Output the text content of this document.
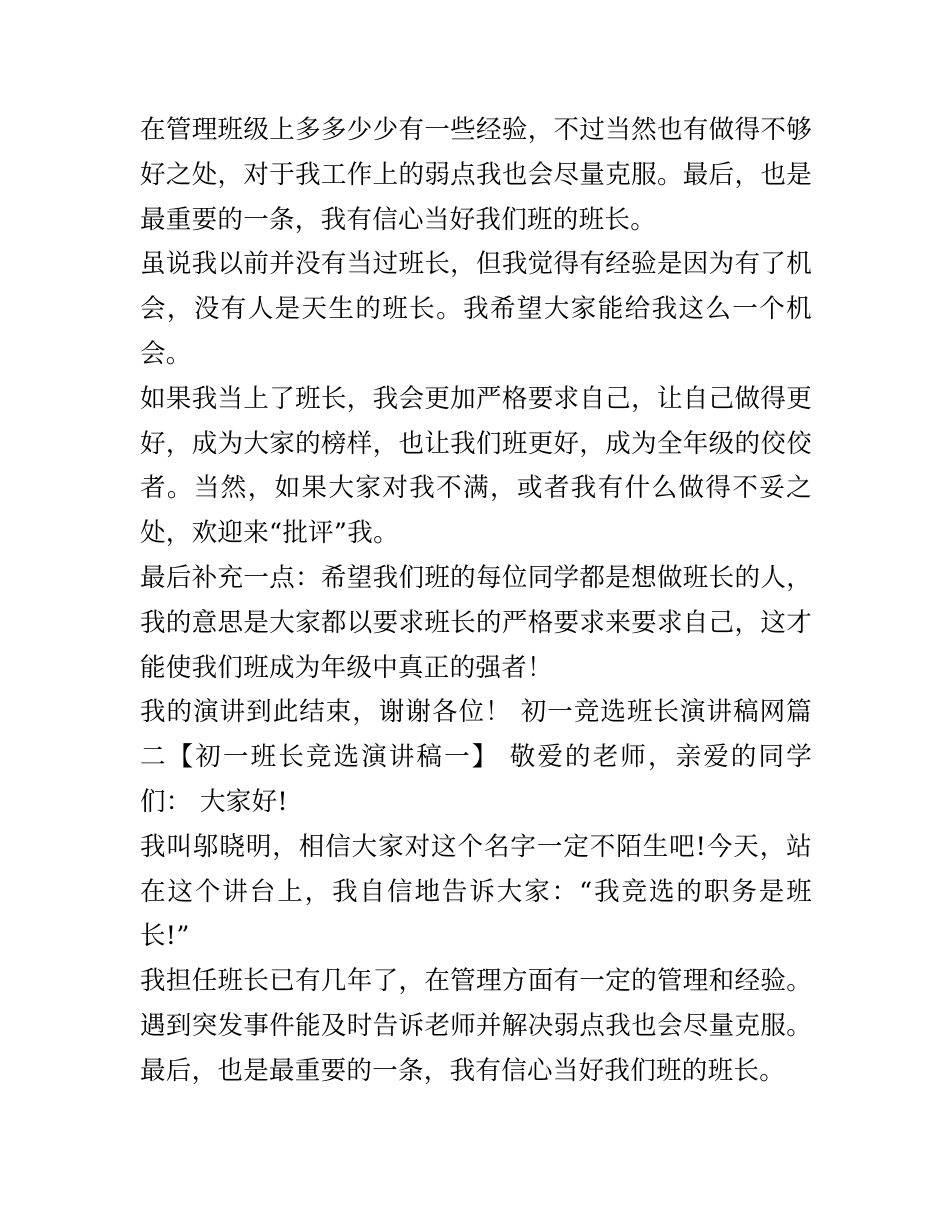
在管理班级上多多少少有一些经验，不过当然也有做得不够好之处，对于我工作上的弱点我也会尽量克服。最后，也是最重要的一条，我有信心当好我们班的班长。

虽说我以前并没有当过班长，但我觉得有经验是因为有了机会，没有人是天生的班长。我希望大家能给我这么一个机会。

如果我当上了班长，我会更加严格要求自己，让自己做得更好，成为大家的榜样，也让我们班更好，成为全年级的佼佼者。当然，如果大家对我不满，或者我有什么做得不妥之处，欢迎来“批评”我。

最后补充一点：希望我们班的每位同学都是想做班长的人，我的意思是大家都以要求班长的严格要求来要求自己，这才能使我们班成为年级中真正的强者！

我的演讲到此结束，谢谢各位！ 初一竞选班长演讲稿网篇二【初一班长竞选演讲稿一】 敬爱的老师，亲爱的同学们： 大家好!

我叫邬晓明，相信大家对这个名字一定不陌生吧!今天，站在这个讲台上，我自信地告诉大家：“我竞选的职务是班长!”

我担任班长已有几年了，在管理方面有一定的管理和经验。遇到突发事件能及时告诉老师并解决弱点我也会尽量克服。最后，也是最重要的一条，我有信心当好我们班的班长。
